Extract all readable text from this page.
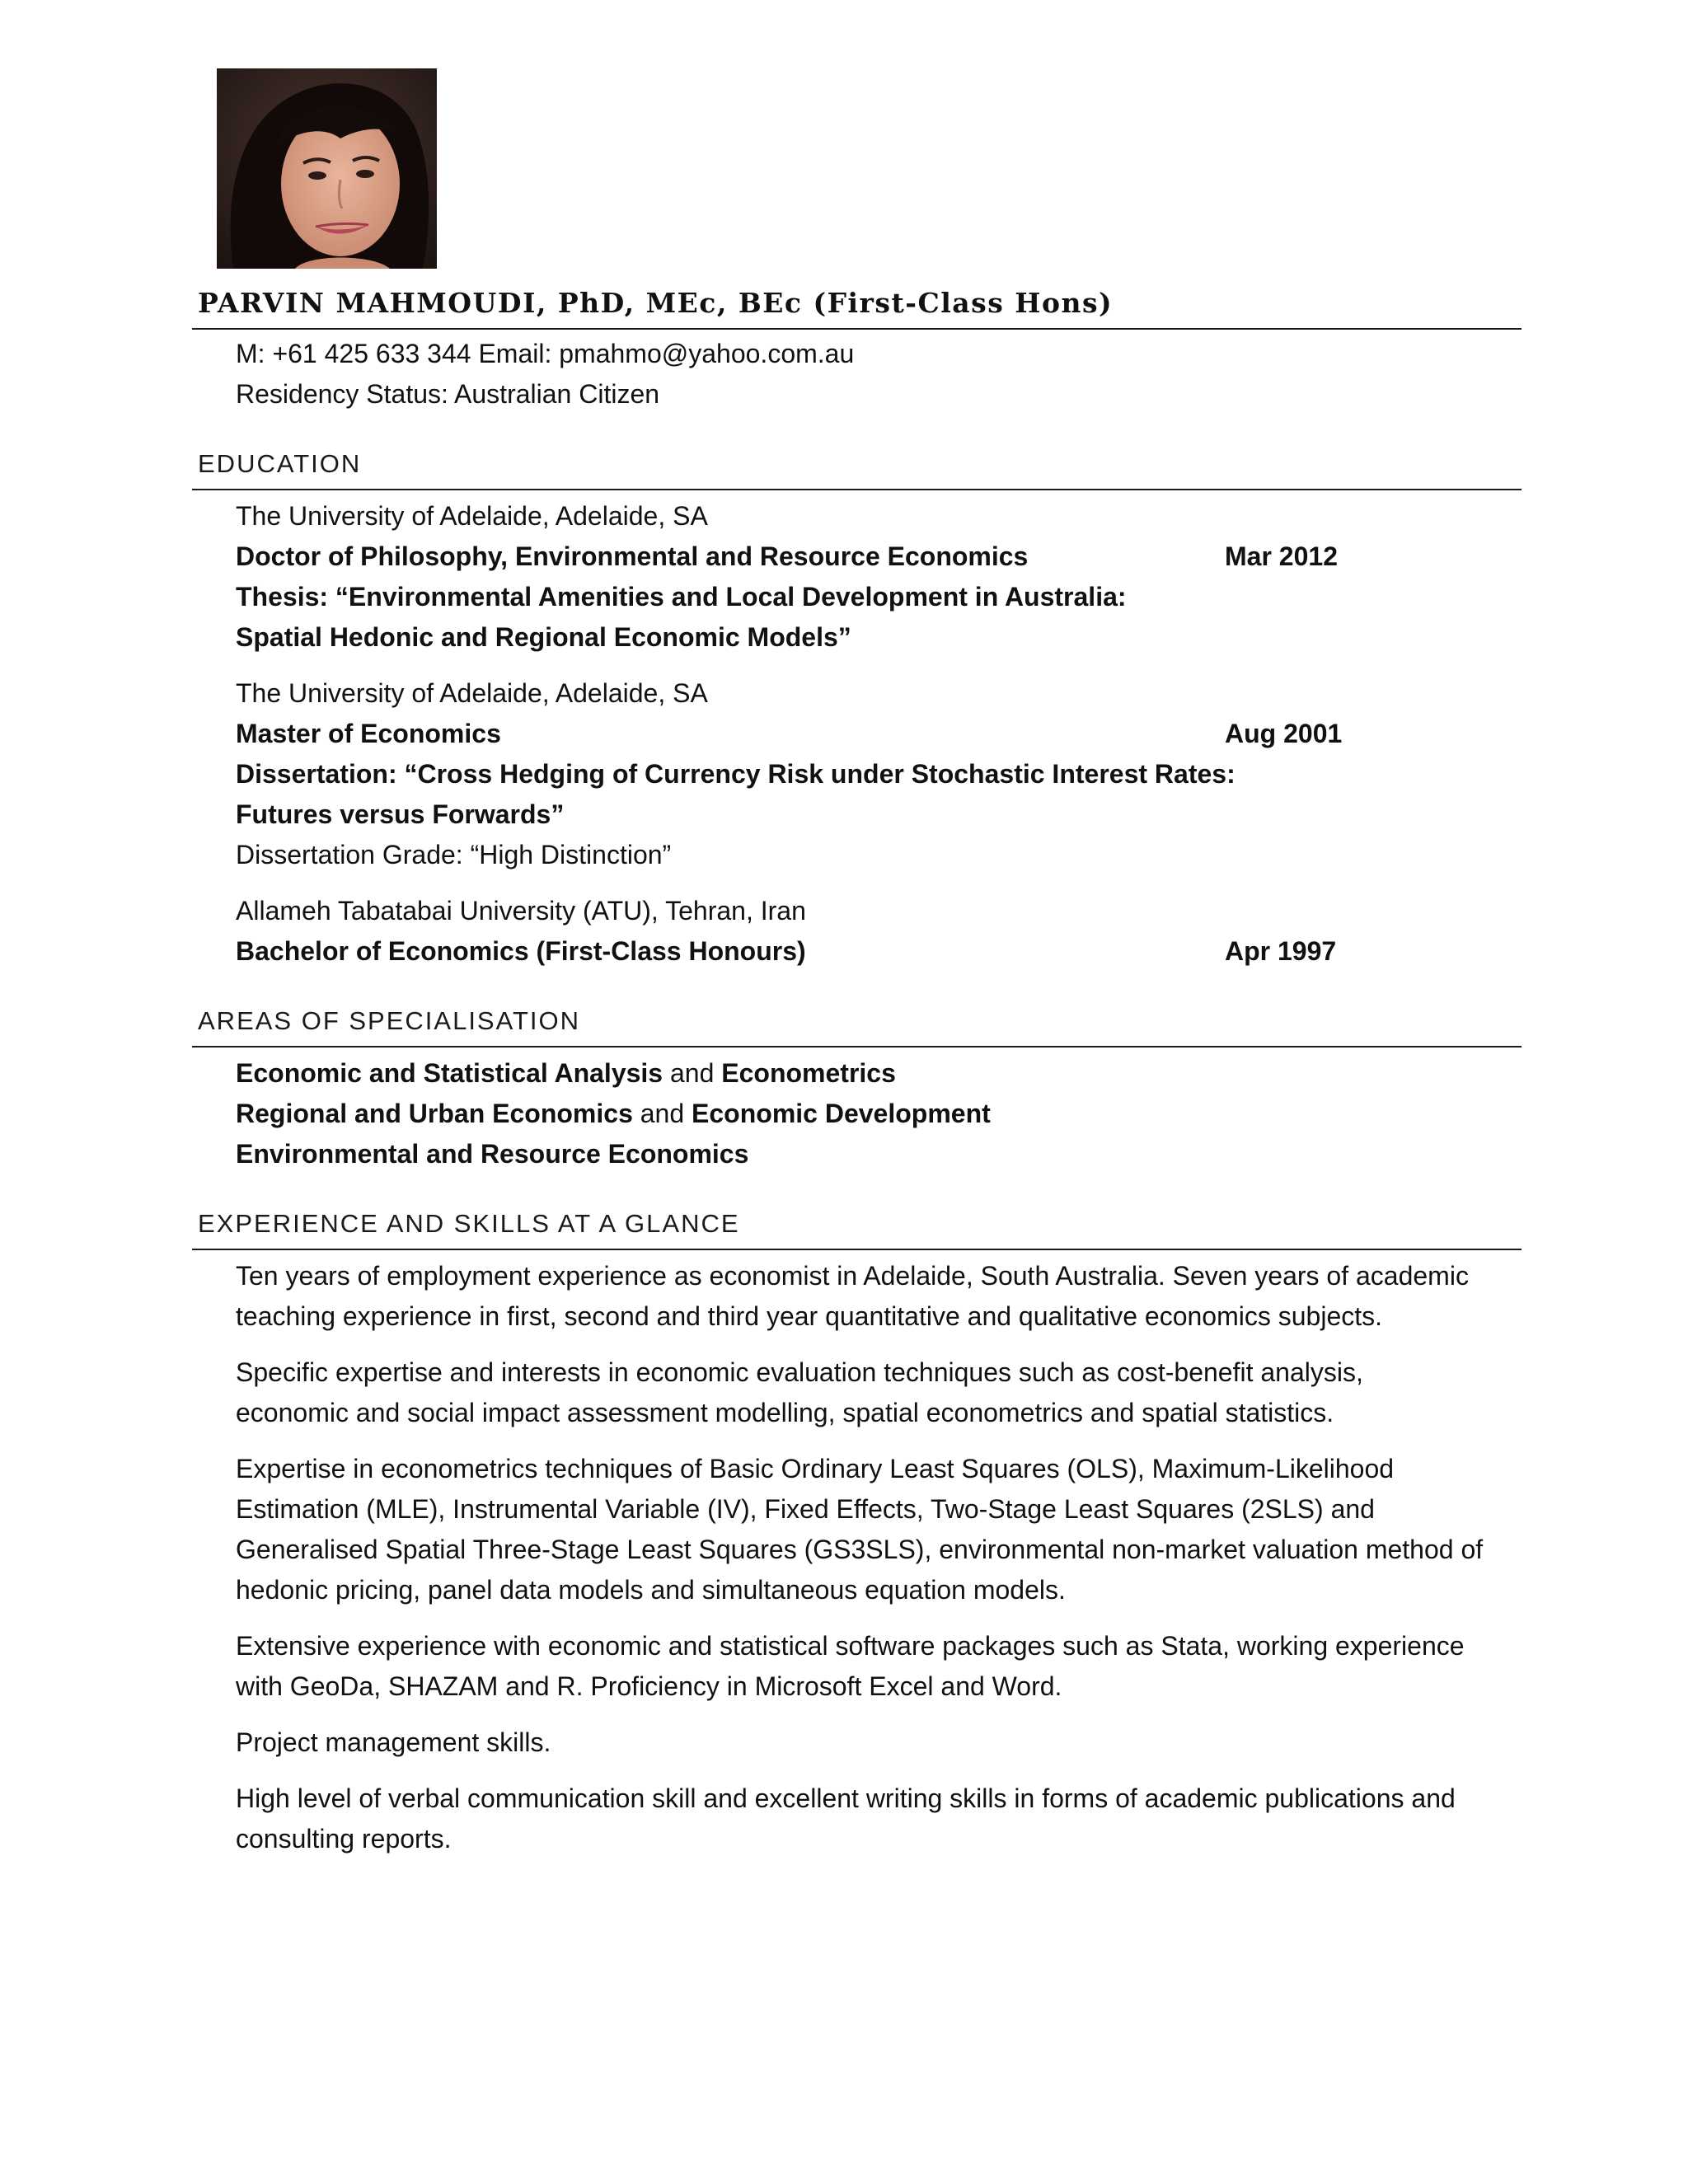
PARVIN MAHMOUDI, PhD, MEc, BEc (First-Class Hons)
M: +61 425 633 344 Email: pmahmo@yahoo.com.au
Residency Status: Australian Citizen
EDUCATION
The University of Adelaide, Adelaide, SA
Doctor of Philosophy, Environmental and Resource Economics	Mar 2012
Thesis: “Environmental Amenities and Local Development in Australia:
Spatial Hedonic and Regional Economic Models”
The University of Adelaide, Adelaide, SA
Master of Economics	Aug 2001
Dissertation: “Cross Hedging of Currency Risk under Stochastic Interest Rates:
Futures versus Forwards”
Dissertation Grade: “High Distinction”
Allameh Tabatabai University (ATU), Tehran, Iran
Bachelor of Economics (First-Class Honours)	Apr 1997
AREAS OF SPECIALISATION
Economic and Statistical Analysis and Econometrics
Regional and Urban Economics and Economic Development
Environmental and Resource Economics
EXPERIENCE AND SKILLS AT A GLANCE
Ten years of employment experience as economist in Adelaide, South Australia. Seven years of academic
teaching experience in first, second and third year quantitative and qualitative economics subjects.
Specific expertise and interests in economic evaluation techniques such as cost-benefit analysis,
economic and social impact assessment modelling, spatial econometrics and spatial statistics.
Expertise in econometrics techniques of Basic Ordinary Least Squares (OLS), Maximum-Likelihood
Estimation (MLE), Instrumental Variable (IV), Fixed Effects, Two-Stage Least Squares (2SLS) and
Generalised Spatial Three-Stage Least Squares (GS3SLS), environmental non-market valuation method of
hedonic pricing, panel data models and simultaneous equation models.
Extensive experience with economic and statistical software packages such as Stata, working experience
with GeoDa, SHAZAM and R. Proficiency in Microsoft Excel and Word.
Project management skills.
High level of verbal communication skill and excellent writing skills in forms of academic publications and
consulting reports.
